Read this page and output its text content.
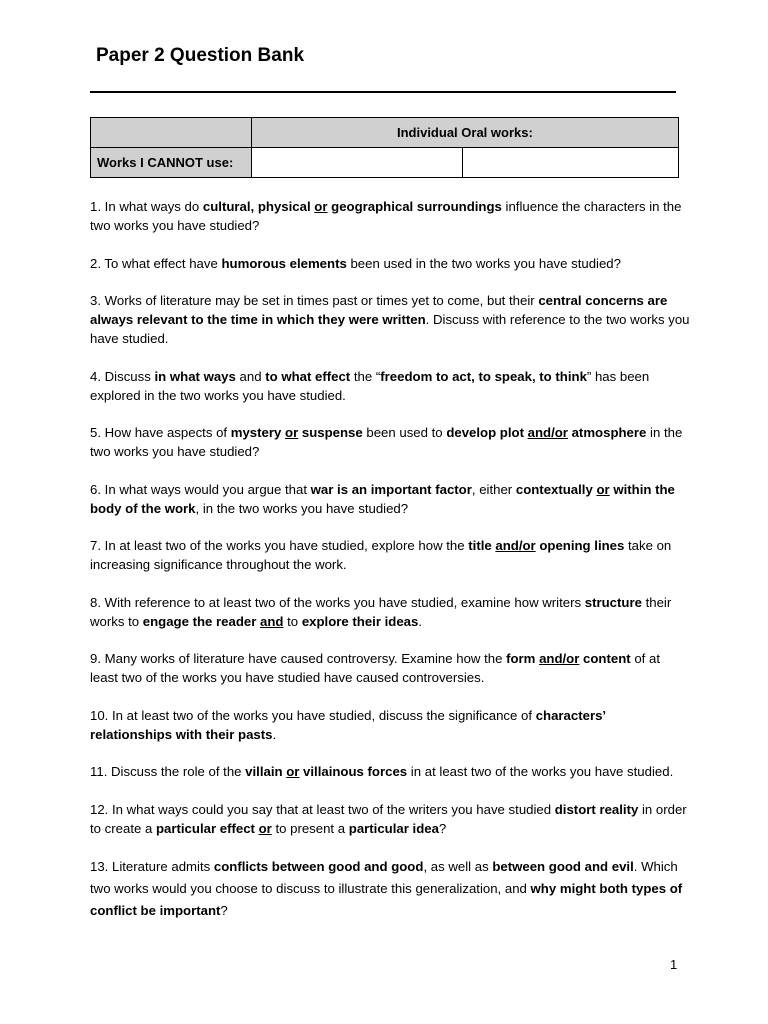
Paper 2 Question Bank
	Individual Oral works:	
Works I CANNOT use:		

1. In what ways do cultural, physical or geographical surroundings influence the characters in the two works you have studied?

2. To what effect have humorous elements been used in the two works you have studied?

3. Works of literature may be set in times past or times yet to come, but their central concerns are always relevant to the time in which they were written. Discuss with reference to the two works you have studied.

4. Discuss in what ways and to what effect the “freedom to act, to speak, to think” has been explored in the two works you have studied.

5. How have aspects of mystery or suspense been used to develop plot and/or atmosphere in the two works you have studied?

6. In what ways would you argue that war is an important factor, either contextually or within the body of the work, in the two works you have studied?

7. In at least two of the works you have studied, explore how the title and/or opening lines take on increasing significance throughout the work.

8. With reference to at least two of the works you have studied, examine how writers structure their works to engage the reader and to explore their ideas.

9. Many works of literature have caused controversy. Examine how the form and/or content of at least two of the works you have studied have caused controversies.

10. In at least two of the works you have studied, discuss the significance of characters’ relationships with their pasts.

11. Discuss the role of the villain or villainous forces in at least two of the works you have studied.

12. In what ways could you say that at least two of the writers you have studied distort reality in order to create a particular effect or to present a particular idea?

13. Literature admits conflicts between good and good, as well as between good and evil. Which two works would you choose to discuss to illustrate this generalization, and why might both types of conflict be important?

1
